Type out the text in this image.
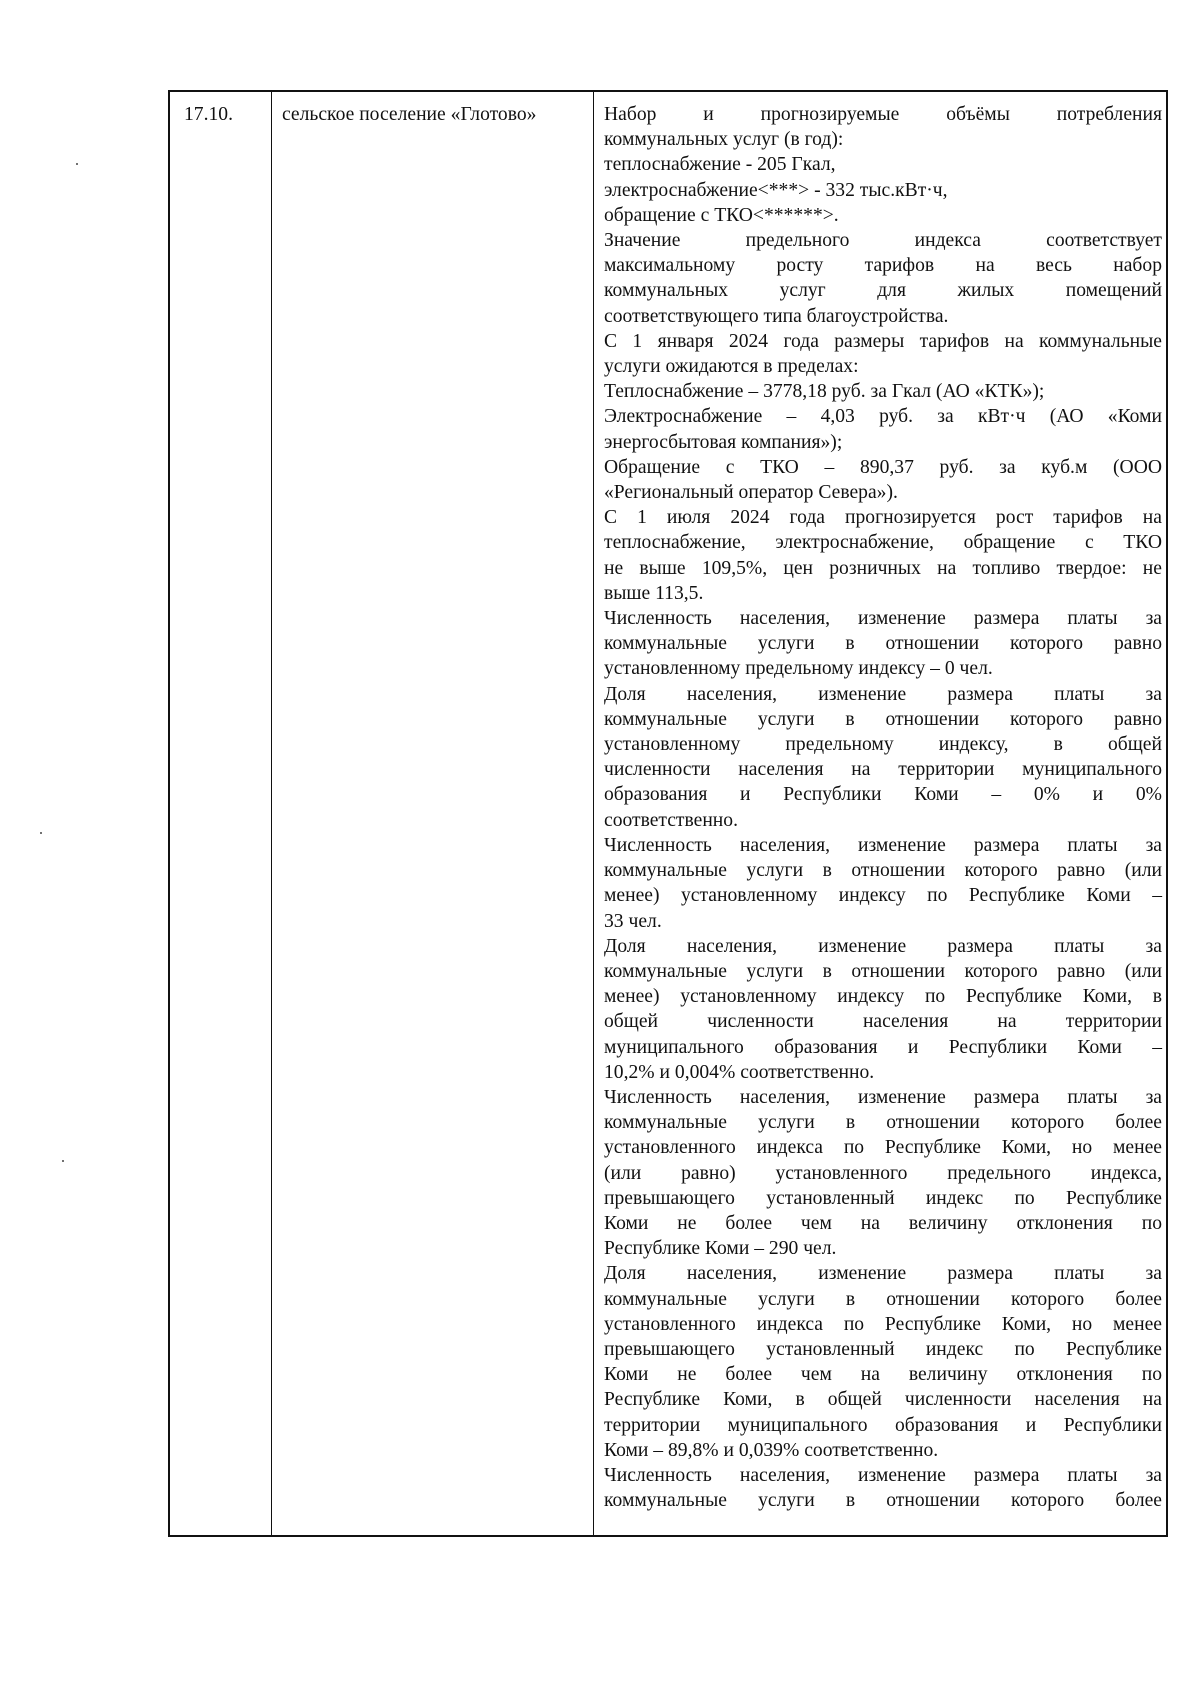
17.10.	сельское поселение «Глотово»	Набор и прогнозируемые объёмы потребления
коммунальных услуг (в год):
теплоснабжение - 205 Гкал,
электроснабжение<***> - 332 тыс.кВт·ч,
обращение с ТКО<******>.
Значение предельного индекса соответствует
максимальному росту тарифов на весь набор
коммунальных услуг для жилых помещений
соответствующего типа благоустройства.
С 1 января 2024 года размеры тарифов на коммунальные
услуги ожидаются в пределах:
Теплоснабжение – 3778,18 руб. за Гкал (АО «КТК»);
Электроснабжение – 4,03 руб. за кВт·ч (АО «Коми
энергосбытовая компания»);
Обращение с ТКО – 890,37 руб. за куб.м (ООО
«Региональный оператор Севера»).
С 1 июля 2024 года прогнозируется рост тарифов на
теплоснабжение, электроснабжение, обращение с ТКО
не выше 109,5%, цен розничных на топливо твердое: не
выше 113,5.
Численность населения, изменение размера платы за
коммунальные услуги в отношении которого равно
установленному предельному индексу – 0 чел.
Доля населения, изменение размера платы за
коммунальные услуги в отношении которого равно
установленному предельному индексу, в общей
численности населения на территории муниципального
образования и Республики Коми – 0% и 0%
соответственно.
Численность населения, изменение размера платы за
коммунальные услуги в отношении которого равно (или
менее) установленному индексу по Республике Коми –
33 чел.
Доля населения, изменение размера платы за
коммунальные услуги в отношении которого равно (или
менее) установленному индексу по Республике Коми, в
общей численности населения на территории
муниципального образования и Республики Коми –
10,2% и 0,004% соответственно.
Численность населения, изменение размера платы за
коммунальные услуги в отношении которого более
установленного индекса по Республике Коми, но менее
(или равно) установленного предельного индекса,
превышающего установленный индекс по Республике
Коми не более чем на величину отклонения по
Республике Коми – 290 чел.
Доля населения, изменение размера платы за
коммунальные услуги в отношении которого более
установленного индекса по Республике Коми, но менее
превышающего установленный индекс по Республике
Коми не более чем на величину отклонения по
Республике Коми, в общей численности населения на
территории муниципального образования и Республики
Коми – 89,8% и 0,039% соответственно.
Численность населения, изменение размера платы за
коммунальные услуги в отношении которого более
